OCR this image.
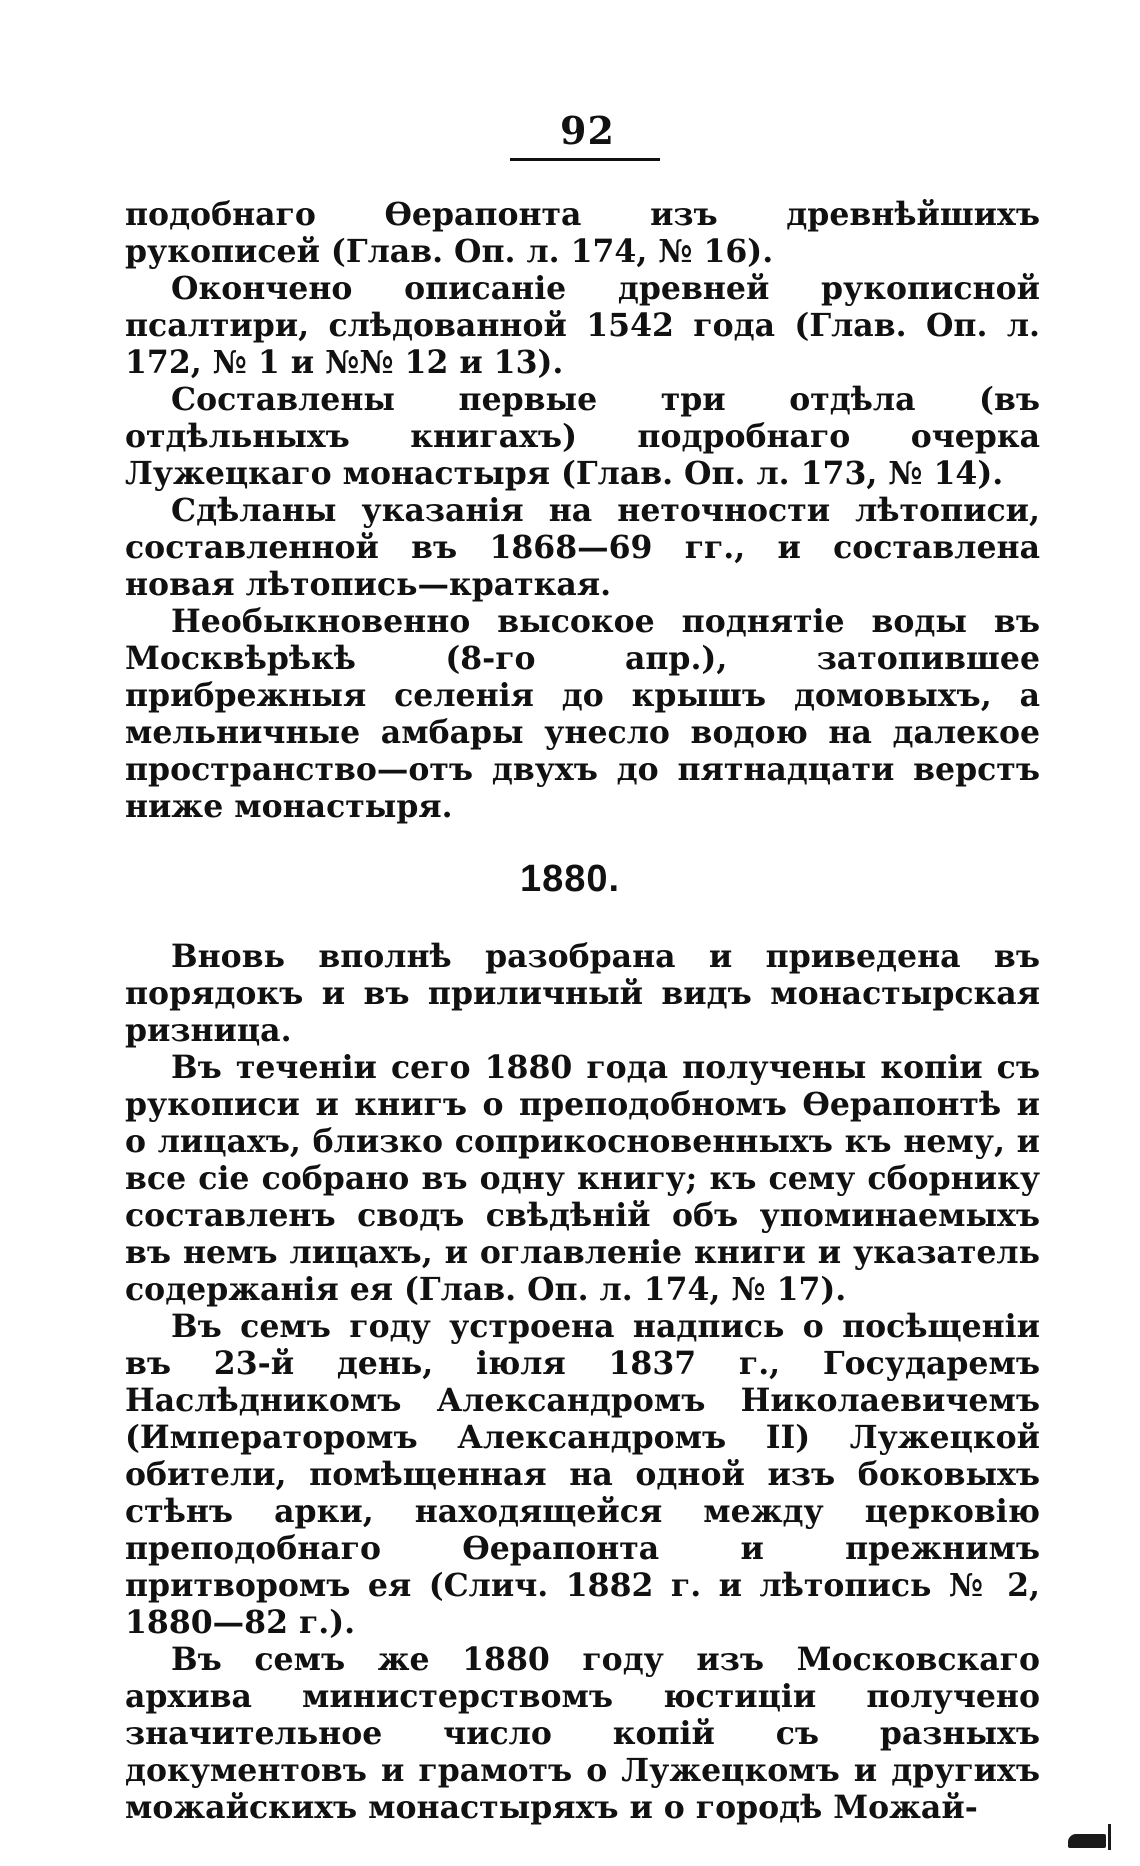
92

подобнаго Ѳерапонта изъ древнѣйшихъ рукописей (Глав. Оп. л. 174, № 16).

Окончено описаніе древней рукописной псалтири, слѣдованной 1542 года (Глав. Оп. л. 172, № 1 и №№ 12 и 13).

Составлены первые три отдѣла (въ отдѣльныхъ книгахъ) подробнаго очерка Лужецкаго монастыря (Глав. Оп. л. 173, № 14).

Сдѣланы указанія на неточности лѣтописи, составленной въ 1868—69 гг., и составлена новая лѣтопись—краткая.

Необыкновенно высокое поднятіе воды въ Москвѣрѣкѣ (8-го апр.), затопившее прибрежныя селенія до крышъ домовыхъ, а мельничные амбары унесло водою на далекое пространство—отъ двухъ до пятнадцати верстъ ниже монастыря.

1880.

Вновь вполнѣ разобрана и приведена въ порядокъ и въ приличный видъ монастырская ризница.

Въ теченіи сего 1880 года получены копіи съ рукописи и книгъ о преподобномъ Ѳерапонтѣ и о лицахъ, близко соприкосновенныхъ къ нему, и все сіе собрано въ одну книгу; къ сему сборнику составленъ сводъ свѣдѣній объ упоминаемыхъ въ немъ лицахъ, и оглавленіе книги и указатель содержанія ея (Глав. Оп. л. 174, № 17).

Въ семъ году устроена надпись о посѣщеніи въ 23-й день, іюля 1837 г., Государемъ Наслѣдникомъ Александромъ Николаевичемъ (Императоромъ Александромъ II) Лужецкой обители, помѣщенная на одной изъ боковыхъ стѣнъ арки, находящейся между церковію преподобнаго Ѳерапонта и прежнимъ притворомъ ея (Слич. 1882 г. и лѣтопись № 2, 1880—82 г.).

Въ семъ же 1880 году изъ Московскаго архива министерствомъ юстиціи получено значительное число копій съ разныхъ документовъ и грамотъ о Лужецкомъ и другихъ можайскихъ монастыряхъ и о городѣ Можай-
